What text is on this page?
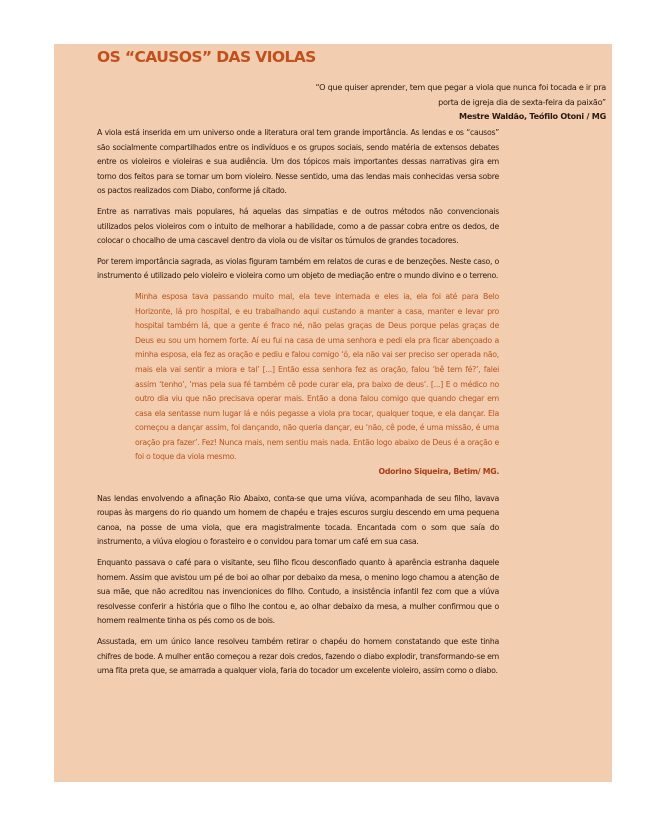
OS “CAUSOS” DAS VIOLAS
“O que quiser aprender, tem que pegar a viola que nunca foi tocada e ir pra porta de igreja dia de sexta-feira da paixão”
Mestre Waldão, Teófilo Otoni / MG

A viola está inserida em um universo onde a literatura oral tem grande importância. As lendas e os “causos” são socialmente compartilhados entre os indivíduos e os grupos sociais, sendo matéria de extensos debates entre os violeiros e violeiras e sua audiência. Um dos tópicos mais importantes dessas narrativas gira em torno dos feitos para se tornar um bom violeiro. Nesse sentido, uma das lendas mais conhecidas versa sobre os pactos realizados com Diabo, conforme já citado.

Entre as narrativas mais populares, há aquelas das simpatias e de outros métodos não convencionais utilizados pelos violeiros com o intuito de melhorar a habilidade, como a de passar cobra entre os dedos, de colocar o chocalho de uma cascavel dentro da viola ou de visitar os túmulos de grandes tocadores.

Por terem importância sagrada, as violas figuram também em relatos de curas e de benzeções. Neste caso, o instrumento é utilizado pelo violeiro e violeira como um objeto de mediação entre o mundo divino e o terreno.

Minha esposa tava passando muito mal, ela teve internada e eles ia, ela foi até para Belo Horizonte, lá pro hospital, e eu trabalhando aqui custando a manter a casa, manter e levar pro hospital também lá, que a gente é fraco né, não pelas graças de Deus porque pelas graças de Deus eu sou um homem forte. Aí eu fui na casa de uma senhora e pedi ela pra ficar abençoado a minha esposa, ela fez as oração e pediu e falou comigo ‘ó, ela não vai ser preciso ser operada não, mais ela vai sentir a miora e tal’ [...] Então essa senhora fez as oração, falou ‘bê tem fé?’, falei assim ‘tenho’, ‘mas pela sua fé também cê pode curar ela, pra baixo de deus’. [...] E o médico no outro dia viu que não precisava operar mais. Então a dona falou comigo que quando chegar em casa ela sentasse num lugar lá e nóis pegasse a viola pra tocar, qualquer toque, e ela dançar. Ela começou a dançar assim, foi dançando, não queria dançar, eu ‘não, cê pode, é uma missão, é uma oração pra fazer’. Fez! Nunca mais, nem sentiu mais nada. Então logo abaixo de Deus é a oração e foi o toque da viola mesmo.
Odorino Siqueira, Betim/ MG.

Nas lendas envolvendo a afinação Rio Abaixo, conta-se que uma viúva, acompanhada de seu filho, lavava roupas às margens do rio quando um homem de chapéu e trajes escuros surgiu descendo em uma pequena canoa, na posse de uma viola, que era magistralmente tocada. Encantada com o som que saía do instrumento, a viúva elogiou o forasteiro e o convidou para tomar um café em sua casa.

Enquanto passava o café para o visitante, seu filho ficou desconfiado quanto à aparência estranha daquele homem. Assim que avistou um pé de boi ao olhar por debaixo da mesa, o menino logo chamou a atenção de sua mãe, que não acreditou nas invencionices do filho. Contudo, a insistência infantil fez com que a viúva resolvesse conferir a história que o filho lhe contou e, ao olhar debaixo da mesa, a mulher confirmou que o homem realmente tinha os pés como os de bois.

Assustada, em um único lance resolveu também retirar o chapéu do homem constatando que este tinha chifres de bode. A mulher então começou a rezar dois credos, fazendo o diabo explodir, transformando-se em uma fita preta que, se amarrada a qualquer viola, faria do tocador um excelente violeiro, assim como o diabo.
